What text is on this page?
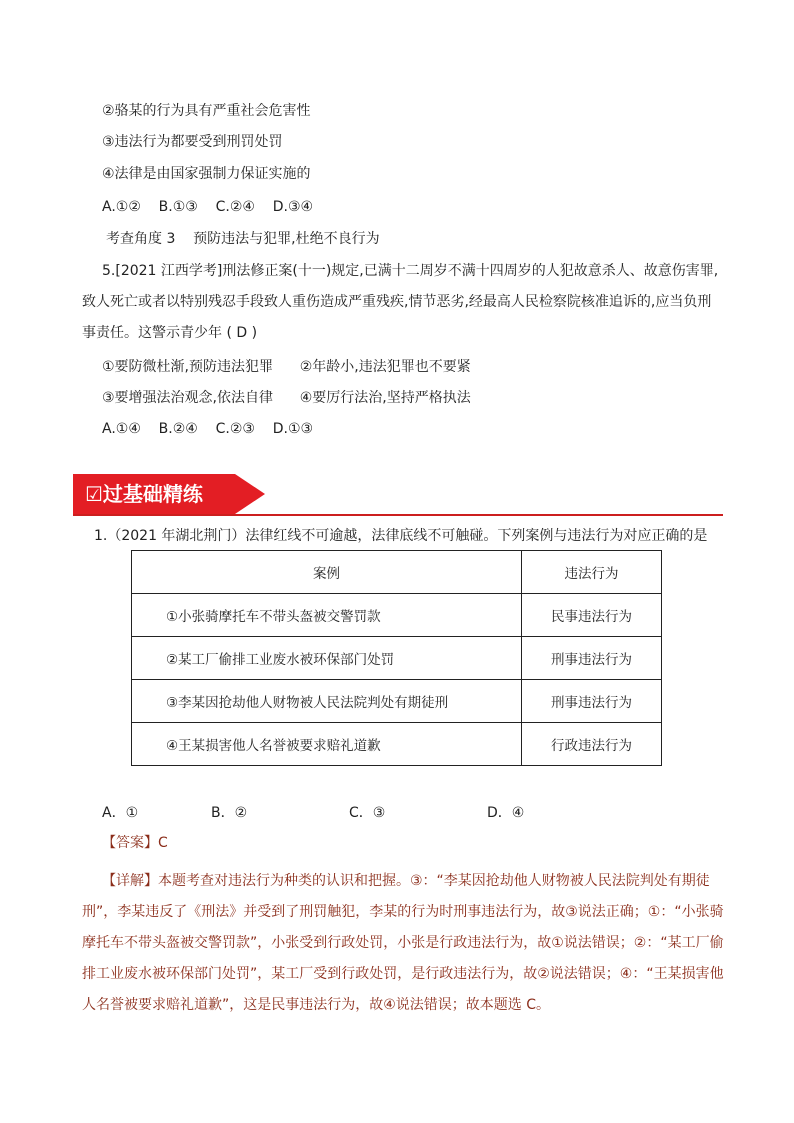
②骆某的行为具有严重社会危害性
③违法行为都要受到刑罚处罚
④法律是由国家强制力保证实施的
A.①②    B.①③    C.②④    D.③④
考查角度 3    预防违法与犯罪,杜绝不良行为
5.[2021 江西学考]刑法修正案(十一)规定,已满十二周岁不满十四周岁的人犯故意杀人、故意伤害罪,致人死亡或者以特别残忍手段致人重伤造成严重残疾,情节恶劣,经最高人民检察院核准追诉的,应当负刑事责任。这警示青少年 ( D )
①要防微杜渐,预防违法犯罪      ②年龄小,违法犯罪也不要紧
③要增强法治观念,依法自律      ④要厉行法治,坚持严格执法
A.①④    B.②④    C.②③    D.①③
☑过基础精练
1.（2021 年湖北荆门）法律红线不可逾越，法律底线不可触碰。下列案例与违法行为对应正确的是
案例	违法行为
①小张骑摩托车不带头盔被交警罚款	民事违法行为
②某工厂偷排工业废水被环保部门处罚	刑事违法行为
③李某因抢劫他人财物被人民法院判处有期徒刑	刑事违法行为
④王某损害他人名誉被要求赔礼道歉	行政违法行为
A．①	B．②	C．③	D．④
【答案】C
【详解】本题考查对违法行为种类的认识和把握。③：“李某因抢劫他人财物被人民法院判处有期徒刑”，李某违反了《刑法》并受到了刑罚触犯，李某的行为时刑事违法行为，故③说法正确；①：“小张骑摩托车不带头盔被交警罚款”，小张受到行政处罚，小张是行政违法行为，故①说法错误；②：“某工厂偷排工业废水被环保部门处罚”，某工厂受到行政处罚，是行政违法行为，故②说法错误；④：“王某损害他人名誉被要求赔礼道歉”，这是民事违法行为，故④说法错误；故本题选 C。
